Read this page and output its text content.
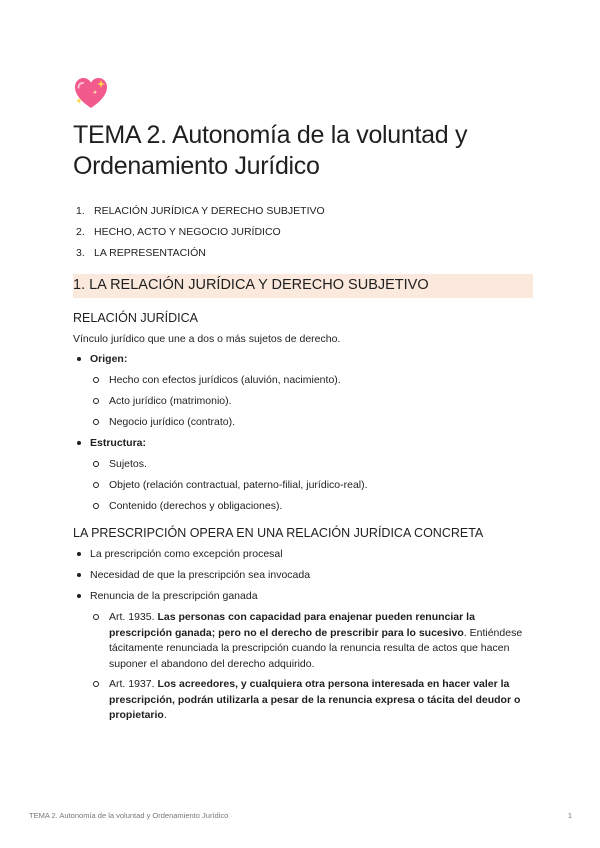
TEMA 2. Autonomía de la voluntad y Ordenamiento Jurídico
1. RELACIÓN JURÍDICA Y DERECHO SUBJETIVO
2. HECHO, ACTO Y NEGOCIO JURÍDICO
3. LA REPRESENTACIÓN
1. LA RELACIÓN JURÍDICA Y DERECHO SUBJETIVO
RELACIÓN JURÍDICA

Vínculo jurídico que une a dos o más sujetos de derecho.

Origen:
Hecho con efectos jurídicos (aluvión, nacimiento).
Acto jurídico (matrimonio).
Negocio jurídico (contrato).
Estructura:
Sujetos.
Objeto (relación contractual, paterno-filial, jurídico-real).
Contenido (derechos y obligaciones).
LA PRESCRIPCIÓN OPERA EN UNA RELACIÓN JURÍDICA CONCRETA
La prescripción como excepción procesal
Necesidad de que la prescripción sea invocada
Renuncia de la prescripción ganada
Art. 1935. Las personas con capacidad para enajenar pueden renunciar la prescripción ganada; pero no el derecho de prescribir para lo sucesivo. Entiéndese tácitamente renunciada la prescripción cuando la renuncia resulta de actos que hacen suponer el abandono del derecho adquirido.
Art. 1937. Los acreedores, y cualquiera otra persona interesada en hacer valer la prescripción, podrán utilizarla a pesar de la renuncia expresa o tácita del deudor o propietario.
TEMA 2. Autonomía de la voluntad y Ordenamiento Jurídico	1
